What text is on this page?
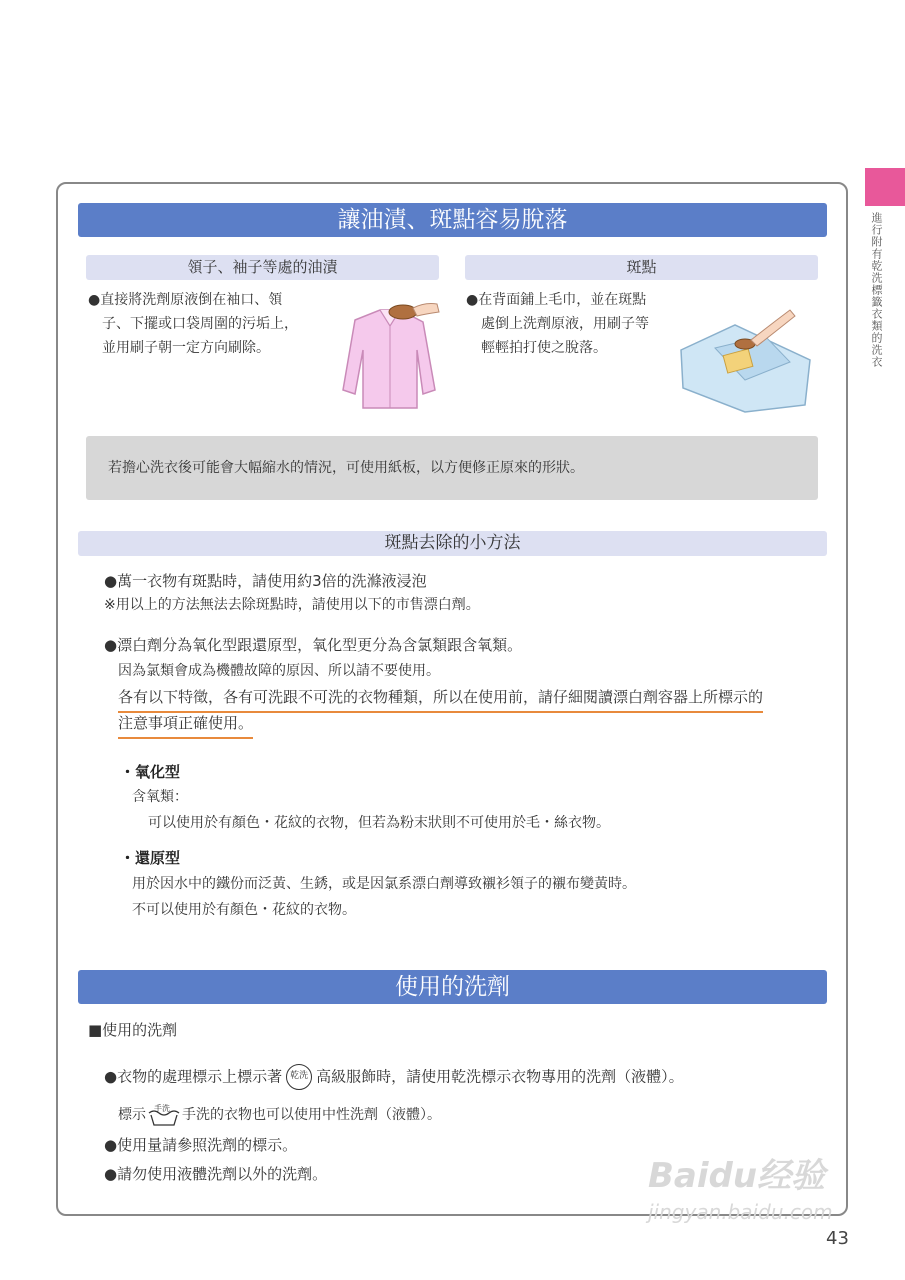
進行附有乾洗標籤衣類的洗衣
讓油漬、斑點容易脫落
領子、袖子等處的油漬	斑點
●直接將洗劑原液倒在袖口、領
子、下擺或口袋周圍的污垢上，
並用刷子朝一定方向刷除。
●在背面鋪上毛巾，並在斑點
處倒上洗劑原液，用刷子等
輕輕拍打使之脫落。
若擔心洗衣後可能會大幅縮水的情況，可使用紙板，以方便修正原來的形狀。
斑點去除的小方法
●萬一衣物有斑點時，請使用約3倍的洗滌液浸泡
※用以上的方法無法去除斑點時，請使用以下的市售漂白劑。
●漂白劑分為氧化型跟還原型，氧化型更分為含氯類跟含氧類。
因為氯類會成為機體故障的原因、所以請不要使用。
各有以下特徵，各有可洗跟不可洗的衣物種類，所以在使用前，請仔細閱讀漂白劑容器上所標示的
注意事項正確使用。
・氧化型
含氧類：
可以使用於有顏色・花紋的衣物，但若為粉末狀則不可使用於毛・絲衣物。
・還原型
用於因水中的鐵份而泛黃、生銹，或是因氯系漂白劑導致襯衫領子的襯布變黃時。
不可以使用於有顏色・花紋的衣物。
使用的洗劑
■使用的洗劑
●衣物的處理標示上標示著 乾洗 高級服飾時，請使用乾洗標示衣物專用的洗劑（液體）。
標示 手洗 手洗的衣物也可以使用中性洗劑（液體）。
●使用量請參照洗劑的標示。
●請勿使用液體洗劑以外的洗劑。	Baidu经验
jingyan.baidu.com
43
